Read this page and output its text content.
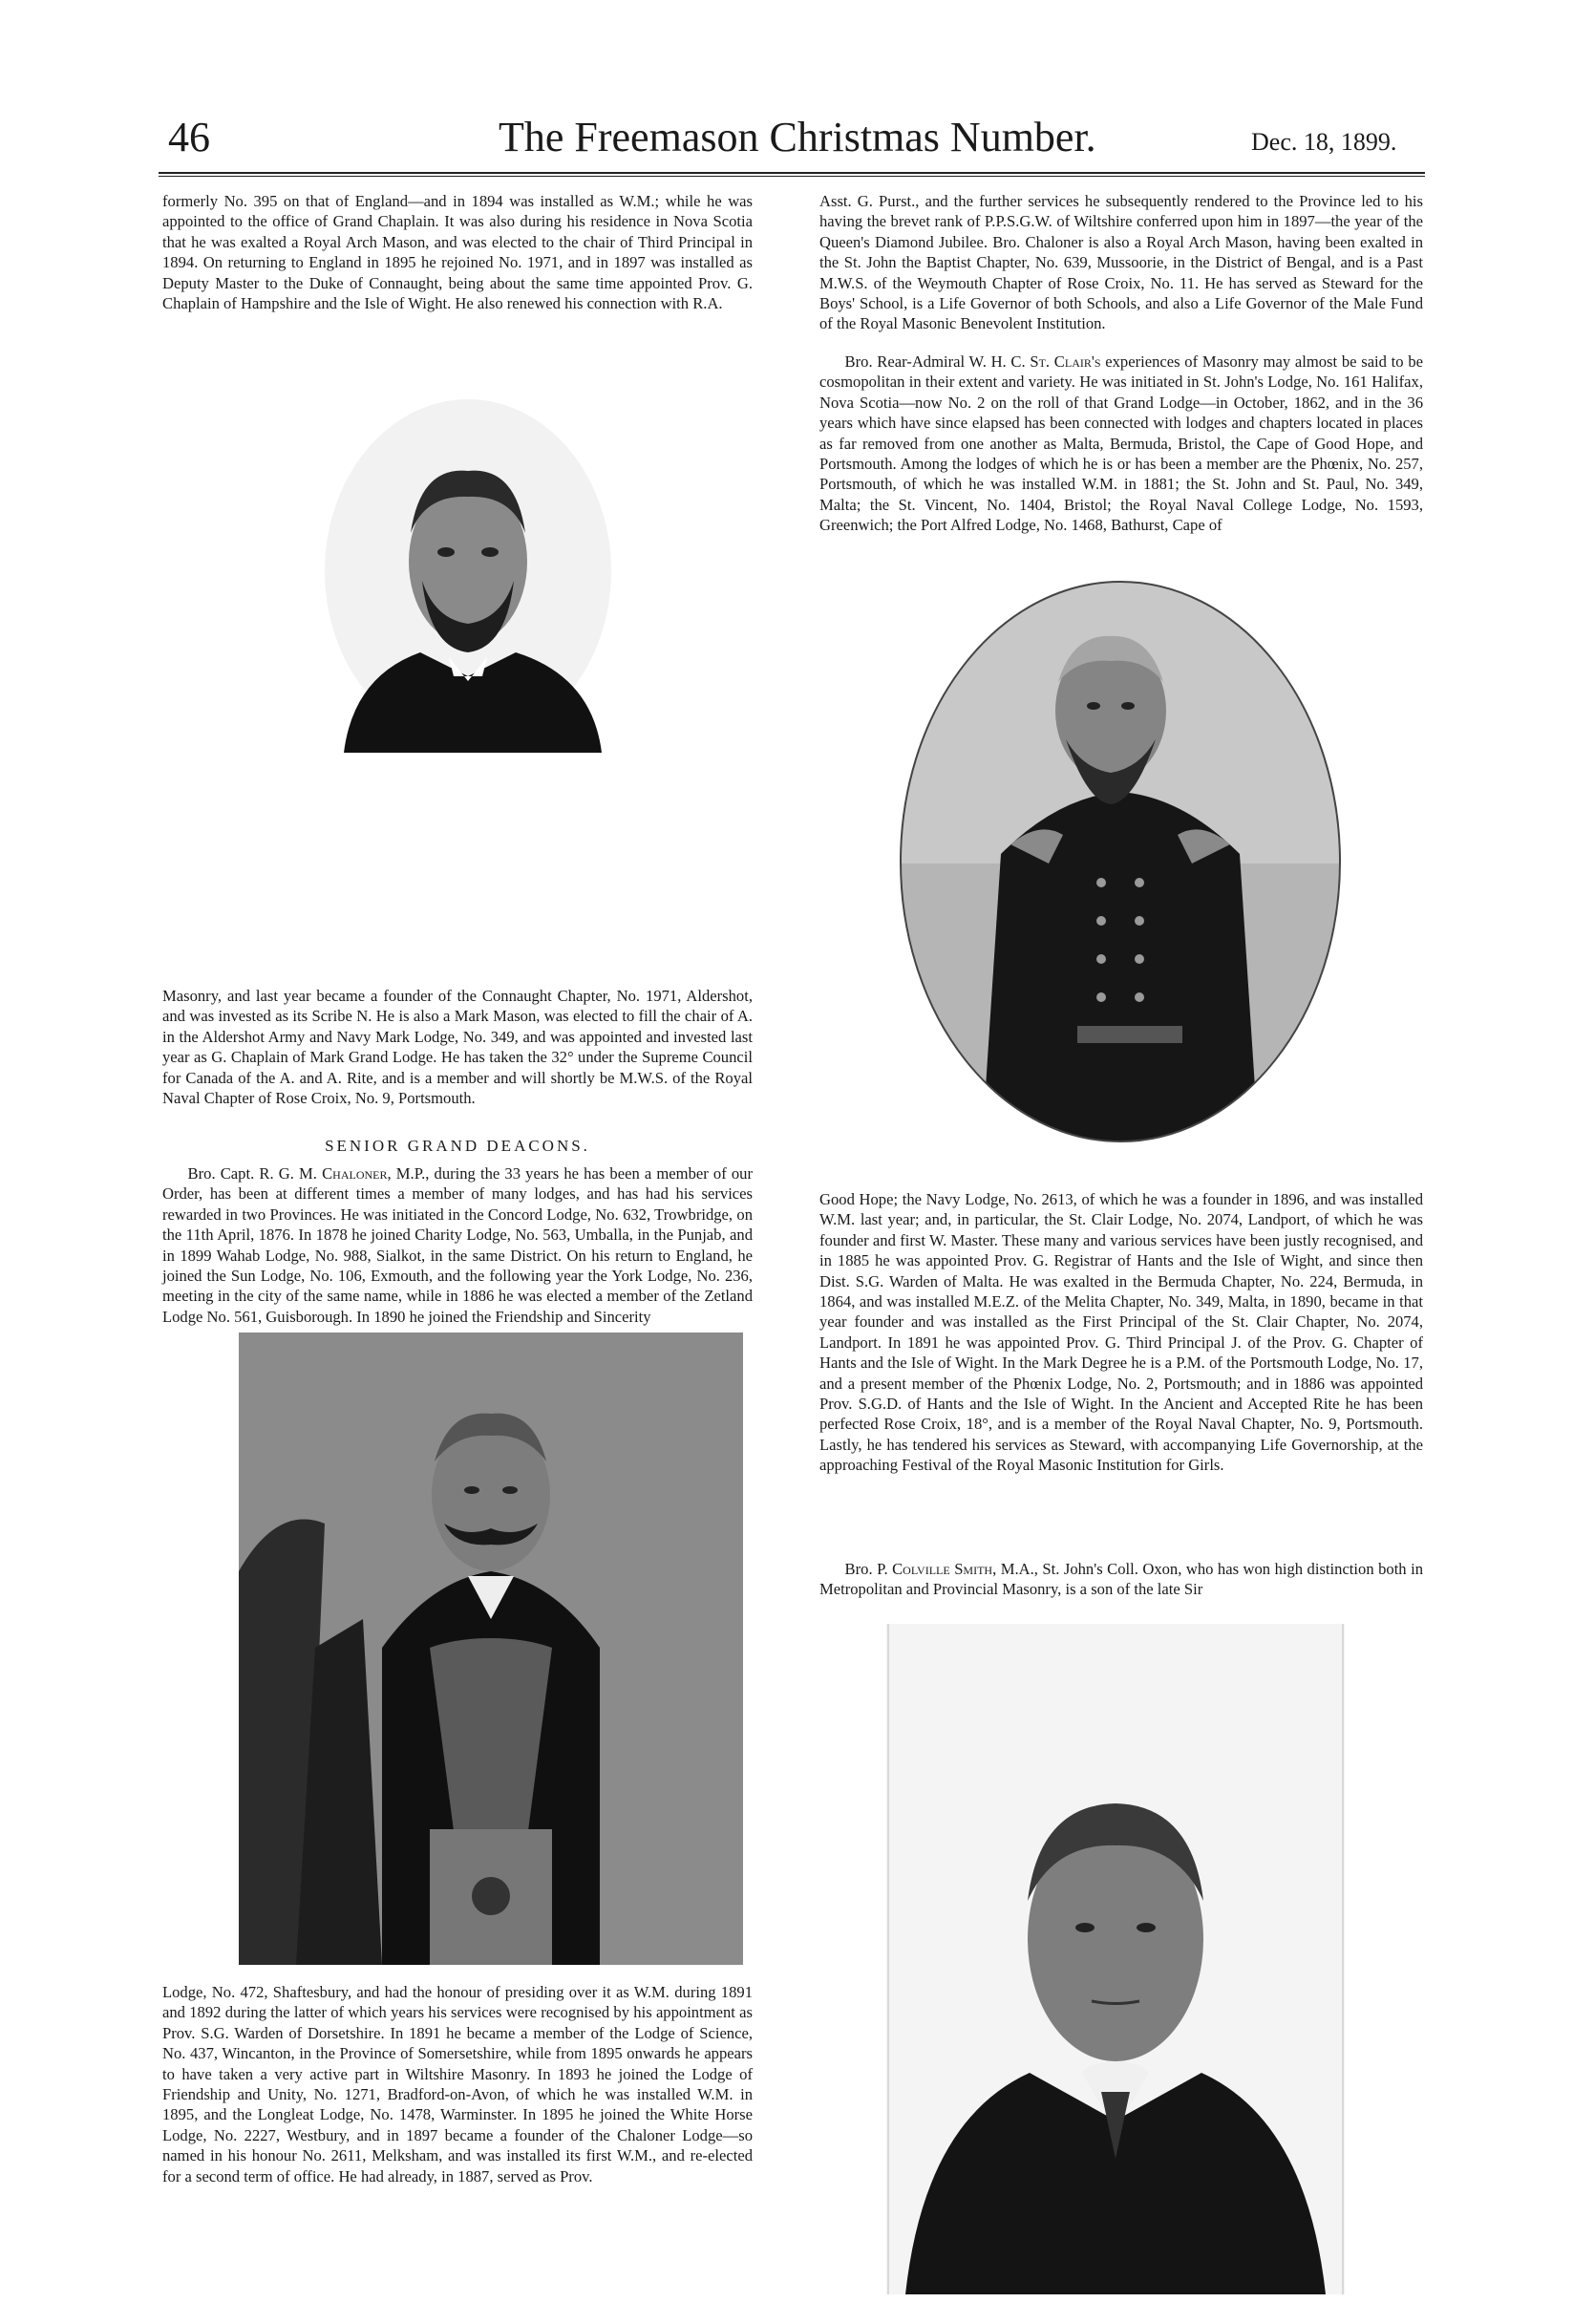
46	The Freemason Christmas Number.	Dec. 18, 1899.

formerly No. 395 on that of England—and in 1894 was installed as W.M.; while he was appointed to the office of Grand Chaplain. It was also during his residence in Nova Scotia that he was exalted a Royal Arch Mason, and was elected to the chair of Third Principal in 1894. On returning to England in 1895 he rejoined No. 1971, and in 1897 was installed as Deputy Master to the Duke of Connaught, being about the same time appointed Prov. G. Chaplain of Hampshire and the Isle of Wight. He also renewed his connection with R.A.

Masonry, and last year became a founder of the Connaught Chapter, No. 1971, Aldershot, and was invested as its Scribe N. He is also a Mark Mason, was elected to fill the chair of A. in the Aldershot Army and Navy Mark Lodge, No. 349, and was appointed and invested last year as G. Chaplain of Mark Grand Lodge. He has taken the 32° under the Supreme Council for Canada of the A. and A. Rite, and is a member and will shortly be M.W.S. of the Royal Naval Chapter of Rose Croix, No. 9, Portsmouth.

SENIOR GRAND DEACONS.

Bro. Capt. R. G. M. Chaloner, M.P., during the 33 years he has been a member of our Order, has been at different times a member of many lodges, and has had his services rewarded in two Provinces. He was initiated in the Concord Lodge, No. 632, Trowbridge, on the 11th April, 1876. In 1878 he joined Charity Lodge, No. 563, Umballa, in the Punjab, and in 1899 Wahab Lodge, No. 988, Sialkot, in the same District. On his return to England, he joined the Sun Lodge, No. 106, Exmouth, and the following year the York Lodge, No. 236, meeting in the city of the same name, while in 1886 he was elected a member of the Zetland Lodge No. 561, Guisborough. In 1890 he joined the Friendship and Sincerity

Lodge, No. 472, Shaftesbury, and had the honour of presiding over it as W.M. during 1891 and 1892 during the latter of which years his services were recognised by his appointment as Prov. S.G. Warden of Dorsetshire. In 1891 he became a member of the Lodge of Science, No. 437, Wincanton, in the Province of Somersetshire, while from 1895 onwards he appears to have taken a very active part in Wiltshire Masonry. In 1893 he joined the Lodge of Friendship and Unity, No. 1271, Bradford-on-Avon, of which he was installed W.M. in 1895, and the Longleat Lodge, No. 1478, Warminster. In 1895 he joined the White Horse Lodge, No. 2227, Westbury, and in 1897 became a founder of the Chaloner Lodge—so named in his honour No. 2611, Melksham, and was installed its first W.M., and re-elected for a second term of office. He had already, in 1887, served as Prov.

Asst. G. Purst., and the further services he subsequently rendered to the Province led to his having the brevet rank of P.P.S.G.W. of Wiltshire conferred upon him in 1897—the year of the Queen's Diamond Jubilee. Bro. Chaloner is also a Royal Arch Mason, having been exalted in the St. John the Baptist Chapter, No. 639, Mussoorie, in the District of Bengal, and is a Past M.W.S. of the Weymouth Chapter of Rose Croix, No. 11. He has served as Steward for the Boys' School, is a Life Governor of both Schools, and also a Life Governor of the Male Fund of the Royal Masonic Benevolent Institution.

Bro. Rear-Admiral W. H. C. St. Clair's experiences of Masonry may almost be said to be cosmopolitan in their extent and variety. He was initiated in St. John's Lodge, No. 161 Halifax, Nova Scotia—now No. 2 on the roll of that Grand Lodge—in October, 1862, and in the 36 years which have since elapsed has been connected with lodges and chapters located in places as far removed from one another as Malta, Bermuda, Bristol, the Cape of Good Hope, and Portsmouth. Among the lodges of which he is or has been a member are the Phœnix, No. 257, Portsmouth, of which he was installed W.M. in 1881; the St. John and St. Paul, No. 349, Malta; the St. Vincent, No. 1404, Bristol; the Royal Naval College Lodge, No. 1593, Greenwich; the Port Alfred Lodge, No. 1468, Bathurst, Cape of

Good Hope; the Navy Lodge, No. 2613, of which he was a founder in 1896, and was installed W.M. last year; and, in particular, the St. Clair Lodge, No. 2074, Landport, of which he was founder and first W. Master. These many and various services have been justly recognised, and in 1885 he was appointed Prov. G. Registrar of Hants and the Isle of Wight, and since then Dist. S.G. Warden of Malta. He was exalted in the Bermuda Chapter, No. 224, Bermuda, in 1864, and was installed M.E.Z. of the Melita Chapter, No. 349, Malta, in 1890, became in that year founder and was installed as the First Principal of the St. Clair Chapter, No. 2074, Landport. In 1891 he was appointed Prov. G. Third Principal J. of the Prov. G. Chapter of Hants and the Isle of Wight. In the Mark Degree he is a P.M. of the Portsmouth Lodge, No. 17, and a present member of the Phœnix Lodge, No. 2, Portsmouth; and in 1886 was appointed Prov. S.G.D. of Hants and the Isle of Wight. In the Ancient and Accepted Rite he has been perfected Rose Croix, 18°, and is a member of the Royal Naval Chapter, No. 9, Portsmouth. Lastly, he has tendered his services as Steward, with accompanying Life Governorship, at the approaching Festival of the Royal Masonic Institution for Girls.

Bro. P. Colville Smith, M.A., St. John's Coll. Oxon, who has won high distinction both in Metropolitan and Provincial Masonry, is a son of the late Sir
